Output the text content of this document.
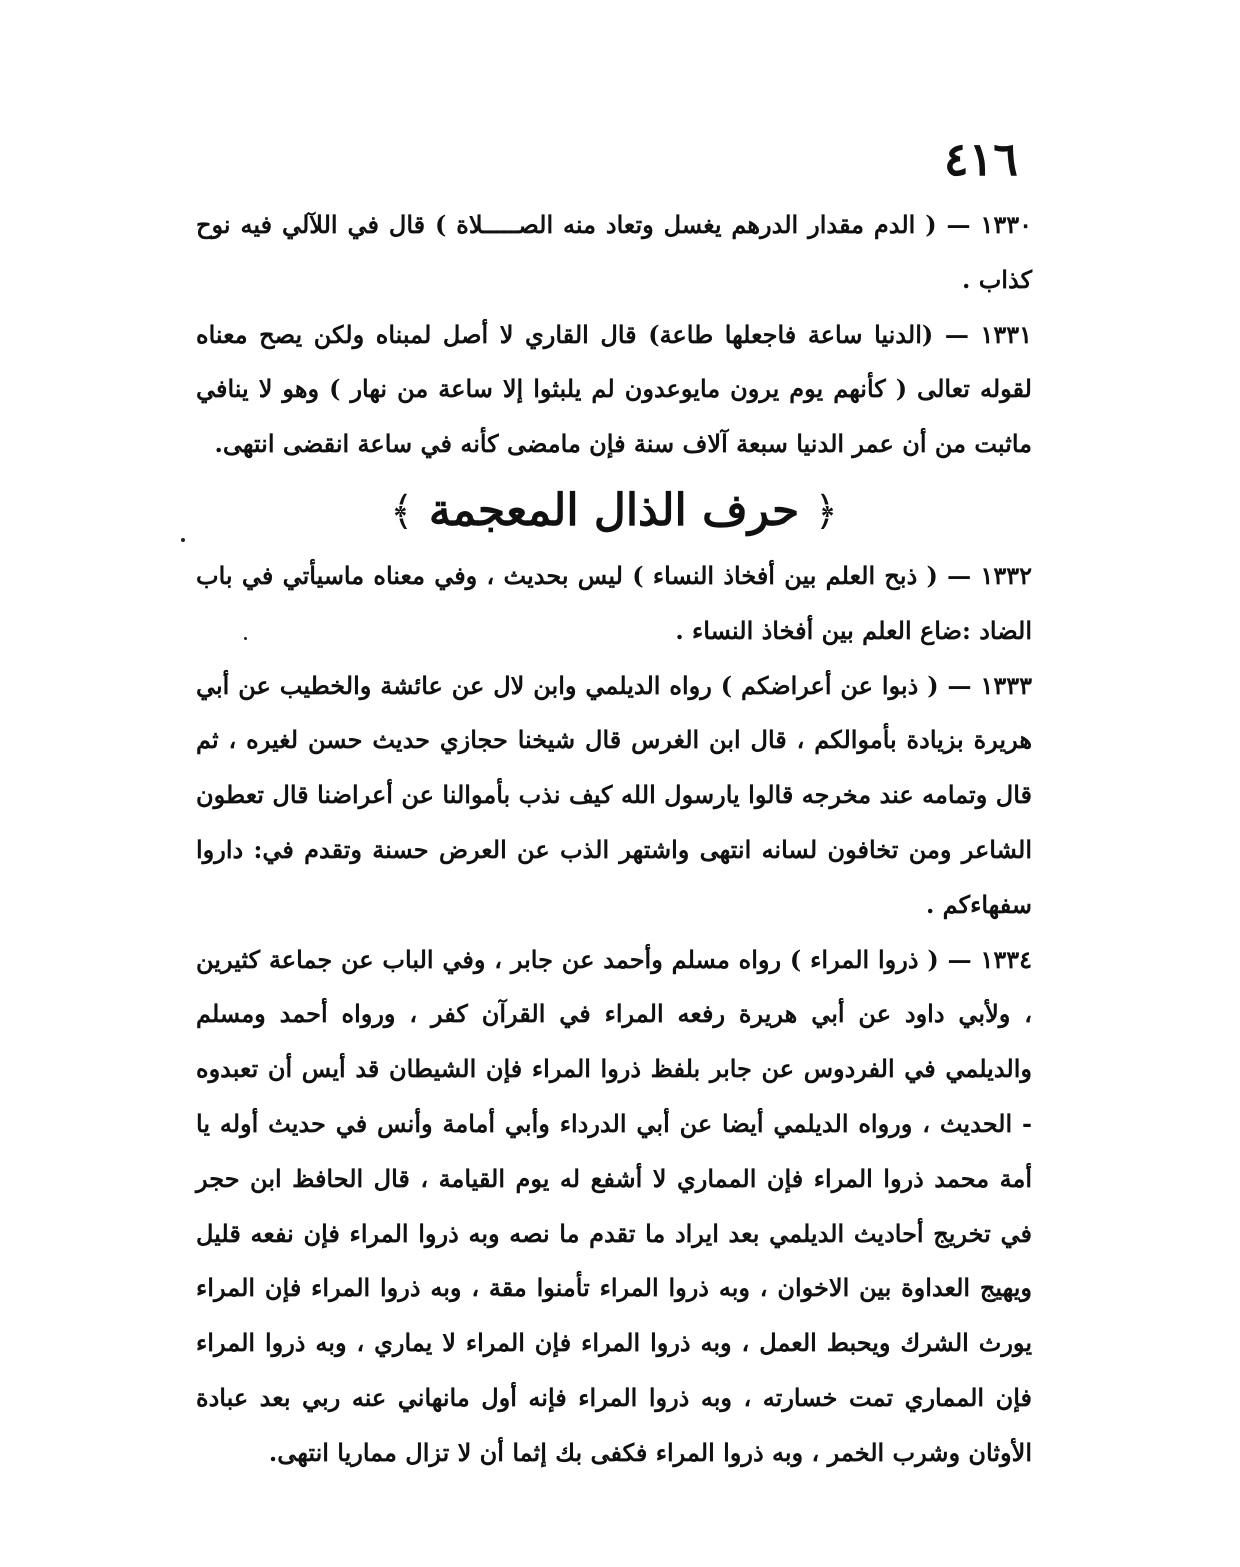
٤١٦

١٣٣٠ — ( الدم مقدار الدرهم يغسل وتعاد منه الصـــــلاة ) قال في اللآلي فيه نوح كذاب .

١٣٣١ — (الدنيا ساعة فاجعلها طاعة) قال القاري لا أصل لمبناه ولكن يصح معناه لقوله تعالى ( كأنهم يوم يرون مايوعدون لم يلبثوا إلا ساعة من نهار ) وهو لا ينافي ماثبت من أن عمر الدنيا سبعة آلاف سنة فإن مامضى كأنه في ساعة انقضى انتهى.

﴿ حرف الذال المعجمة ﴾

١٣٣٢ — ( ذبح العلم بين أفخاذ النساء ) ليس بحديث ، وفي معناه ماسيأتي في باب الضاد :ضاع العلم بين أفخاذ النساء .

١٣٣٣ — ( ذبوا عن أعراضكم ) رواه الديلمي وابن لال عن عائشة والخطيب عن أبي هريرة بزيادة بأموالكم ، قال ابن الغرس قال شيخنا حجازي حديث حسن لغيره ، ثم قال وتمامه عند مخرجه قالوا يارسول الله كيف نذب بأموالنا عن أعراضنا قال تعطون الشاعر ومن تخافون لسانه انتهى واشتهر الذب عن العرض حسنة وتقدم في: داروا سفهاءكم .

١٣٣٤ — ( ذروا المراء ) رواه مسلم وأحمد عن جابر ، وفي الباب عن جماعة كثيرين ، ولأبي داود عن أبي هريرة رفعه المراء في القرآن كفر ، ورواه أحمد ومسلم والديلمي في الفردوس عن جابر بلفظ ذروا المراء فإن الشيطان قد أيس أن تعبدوه - الحديث ، ورواه الديلمي أيضا عن أبي الدرداء وأبي أمامة وأنس في حديث أوله يا أمة محمد ذروا المراء فإن المماري لا أشفع له يوم القيامة ، قال الحافظ ابن حجر في تخريج أحاديث الديلمي بعد ايراد ما تقدم ما نصه وبه ذروا المراء فإن نفعه قليل ويهيج العداوة بين الاخوان ، وبه ذروا المراء تأمنوا مقة ، وبه ذروا المراء فإن المراء يورث الشرك ويحبط العمل ، وبه ذروا المراء فإن المراء لا يماري ، وبه ذروا المراء فإن المماري تمت خسارته ، وبه ذروا المراء فإنه أول مانهاني عنه ربي بعد عبادة الأوثان وشرب الخمر ، وبه ذروا المراء فكفى بك إثما أن لا تزال مماريا انتهى.
